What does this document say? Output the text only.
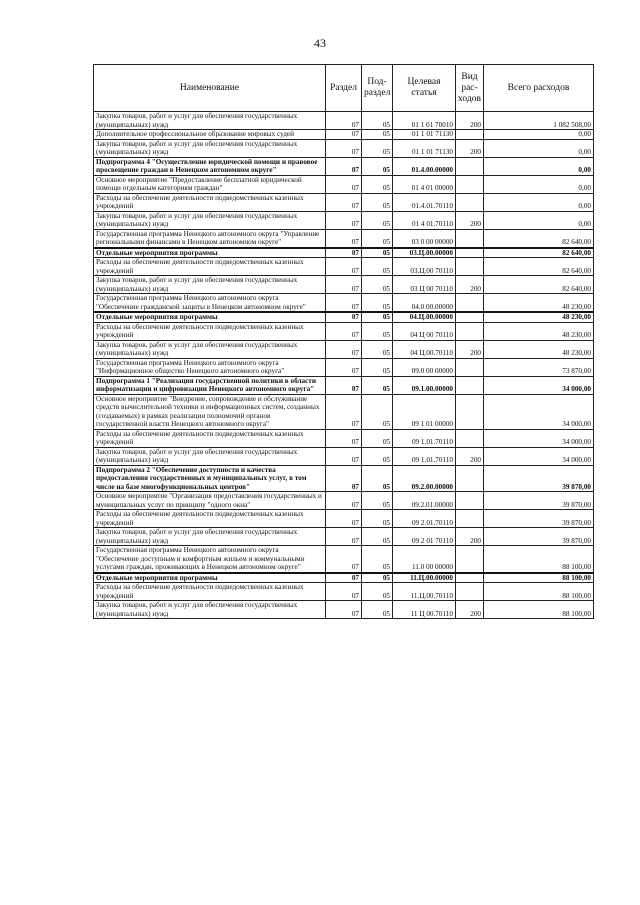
43
Наименование	Раздел	Под-раздел	Целевая статья	Вид рас-ходов	Всего расходов
Закупка товаров, работ и услуг для обеспечения государственных (муниципальных) нужд	07	05	01 1 01 70010	200	1 082 508,00
Дополнительное профессиональное образование мировых судей	07	05	01 1 01 71130		0,00
Закупка товаров, работ и услуг для обеспечения государственных (муниципальных) нужд	07	05	01 1 01 71130	200	0,00
Подпрограмма 4 "Осуществление юридической помощи и правовое просвещение граждан в Ненецком автономном округе"	07	05	01.4.00.00000		0,00
Основное мероприятие "Предоставление бесплатной юридической помощи отдельным категориям граждан"	07	05	01 4 01 00000		0,00
Расходы на обеспечение деятельности подведомственных казенных учреждений	07	05	01.4.01.70110		0,00
Закупка товаров, работ и услуг для обеспечения государственных (муниципальных) нужд	07	05	01 4 01.70110	200	0,00
Государственная программа Ненецкого автономного округа "Управление региональными финансами в Ненецком автономном округе"	07	05	03 0 00 00000		82 640,00
Отдельные мероприятия программы	07	05	03.Ц.00.00000		82 640,00
Расходы на обеспечение деятельности подведомственных казенных учреждений	07	05	03.Ц.00 70110		82 640,00
Закупка товаров, работ и услуг для обеспечения государственных (муниципальных) нужд	07	05	03 Ц 00 70110	200	82 640,00
Государственная программа Ненецкого автономного округа "Обеспечение гражданской защиты в Ненецком автономном округе"	07	05	04.0 00.00000		48 230,00
Отдельные мероприятия программы	07	05	04.Ц.00.00000		48 230,00
Расходы на обеспечение деятельности подведомственных казенных учреждений	07	05	04 Ц 00 70110		48 230,00
Закупка товаров, работ и услуг для обеспечения государственных (муниципальных) нужд	07	05	04 Ц.00.70110	200	48 230,00
Государственная программа Ненецкого автономного округа "Информационное общество Ненецкого автономного округа"	07	05	09.0 00 00000		73 870,00
Подпрограмма 1 "Реализация государственной политики в области информатизации и цифровизации Ненецкого автономного округа"	07	05	09.1.00.00000		34 000,00
Основное мероприятие "Внедрение, сопровождение и обслуживание средств вычислительной техники и информационных систем, созданных (создаваемых) в рамках реализации полномочий органов государственной власти Ненецкого автономного округа"	07	05	09 1 01 00000		34 000,00
Расходы на обеспечение деятельности подведомственных казенных учреждений	07	05	09 1.01.70110		34 000,00
Закупка товаров, работ и услуг для обеспечения государственных (муниципальных) нужд	07	05	09 1.01.70110	200	34 000,00
Подпрограмма 2 "Обеспечение доступности и качества предоставления государственных и муниципальных услуг, в том числе на базе многофункциональных центров"	07	05	09.2.00.00000		39 870,00
Основное мероприятие "Организация предоставления государственных и муниципальных услуг по принципу "одного окна"	07	05	09.2.01.00000		39 870,00
Расходы на обеспечение деятельности подведомственных казенных учреждений	07	05	09 2.01.70110		39 870,00
Закупка товаров, работ и услуг для обеспечения государственных (муниципальных) нужд	07	05	09 2 01 70110	200	39 870,00
Государственная программа Ненецкого автономного округа "Обеспечение доступным и комфортным жильем и коммунальными услугами граждан, проживающих в Ненецком автономном округе"	07	05	11.0 00 00000		88 100,00
Отдельные мероприятия программы	07	05	11.Ц.00.00000		88 100,00
Расходы на обеспечение деятельности подведомственных казенных учреждений	07	05	11.Ц.00.70110		88 100,00
Закупка товаров, работ и услуг для обеспечения государственных (муниципальных) нужд	07	05	11 Ц 00.70110	200	88 100,00
